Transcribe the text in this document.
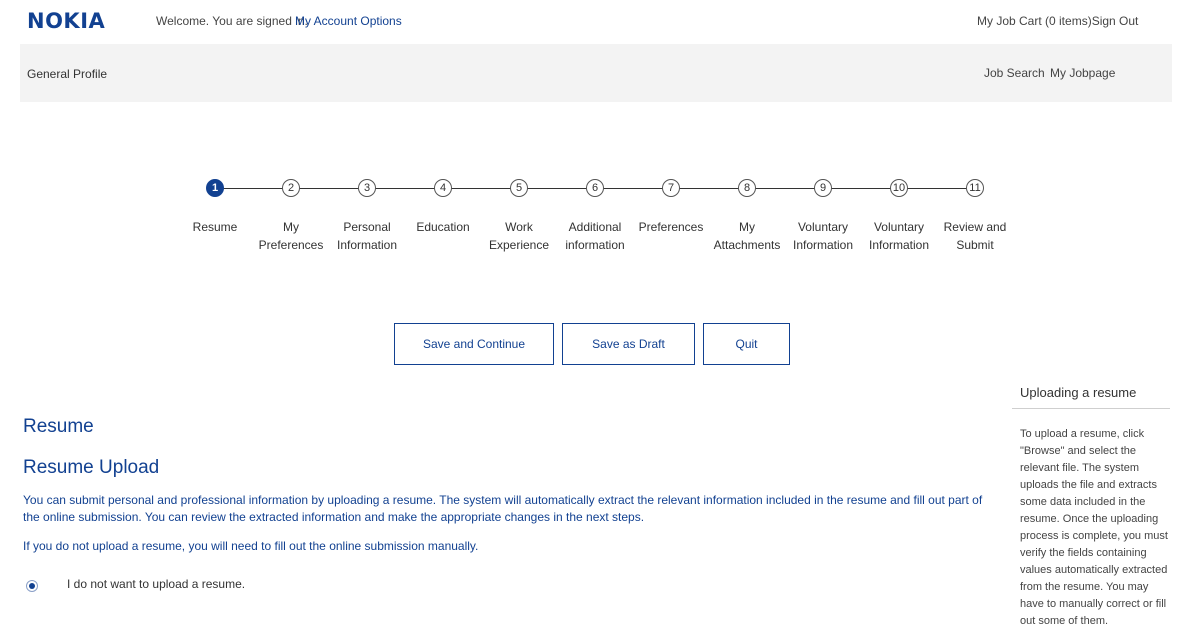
NOKIA	Welcome. You are signed in.
My Account Options	My Job Cart (0 items)Sign Out
General Profile	Job Search My Jobpage
1
Resume
2
My Preferences
3
Personal Information
4
Education
5
Work Experience
6
Additional information
7
Preferences
8
My Attachments
9
Voluntary Information
10
Voluntary Information
11
Review and Submit
Save and Continue	Save as Draft	Quit
Resume
Resume Upload
You can submit personal and professional information by uploading a resume. The system will automatically extract the relevant information included in the resume and fill out part of the online submission. You can review the extracted information and make the appropriate changes in the next steps.
If you do not upload a resume, you will need to fill out the online submission manually.
I do not want to upload a resume.
Uploading a resume
To upload a resume, click "Browse" and select the relevant file. The system uploads the file and extracts some data included in the resume. Once the uploading process is complete, you must verify the fields containing values automatically extracted from the resume. You may have to manually correct or fill out some of them.
